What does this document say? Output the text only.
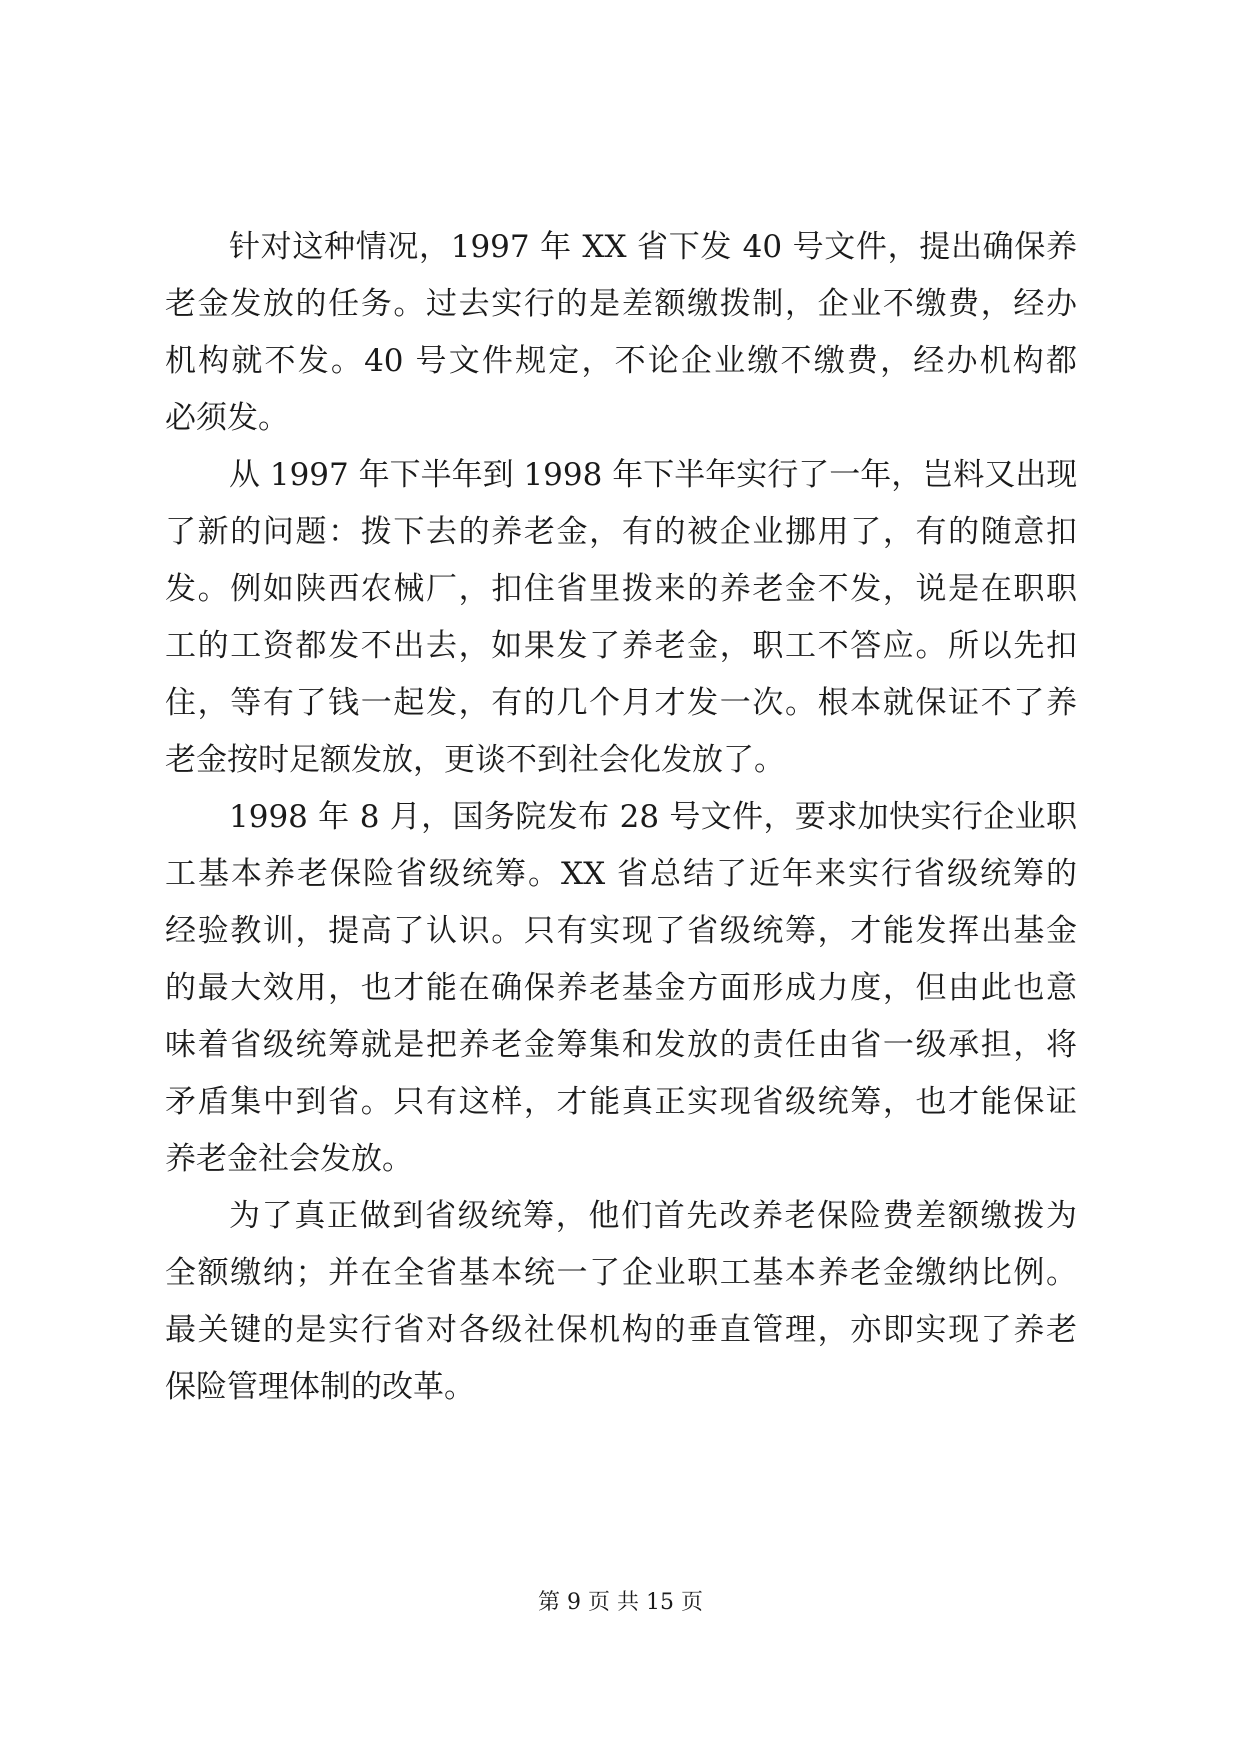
针对这种情况，1997 年 XX 省下发 40 号文件，提出确保养
老金发放的任务。过去实行的是差额缴拨制，企业不缴费，经办
机构就不发。40 号文件规定，不论企业缴不缴费，经办机构都
必须发。
从 1997 年下半年到 1998 年下半年实行了一年，岂料又出现
了新的问题：拨下去的养老金，有的被企业挪用了，有的随意扣
发。例如陕西农械厂，扣住省里拨来的养老金不发，说是在职职
工的工资都发不出去，如果发了养老金，职工不答应。所以先扣
住，等有了钱一起发，有的几个月才发一次。根本就保证不了养
老金按时足额发放，更谈不到社会化发放了。
1998 年 8 月，国务院发布 28 号文件，要求加快实行企业职
工基本养老保险省级统筹。XX 省总结了近年来实行省级统筹的
经验教训，提高了认识。只有实现了省级统筹，才能发挥出基金
的最大效用，也才能在确保养老基金方面形成力度，但由此也意
味着省级统筹就是把养老金筹集和发放的责任由省一级承担，将
矛盾集中到省。只有这样，才能真正实现省级统筹，也才能保证
养老金社会发放。
为了真正做到省级统筹，他们首先改养老保险费差额缴拨为
全额缴纳；并在全省基本统一了企业职工基本养老金缴纳比例。
最关键的是实行省对各级社保机构的垂直管理，亦即实现了养老
保险管理体制的改革。
第 9 页 共 15 页
